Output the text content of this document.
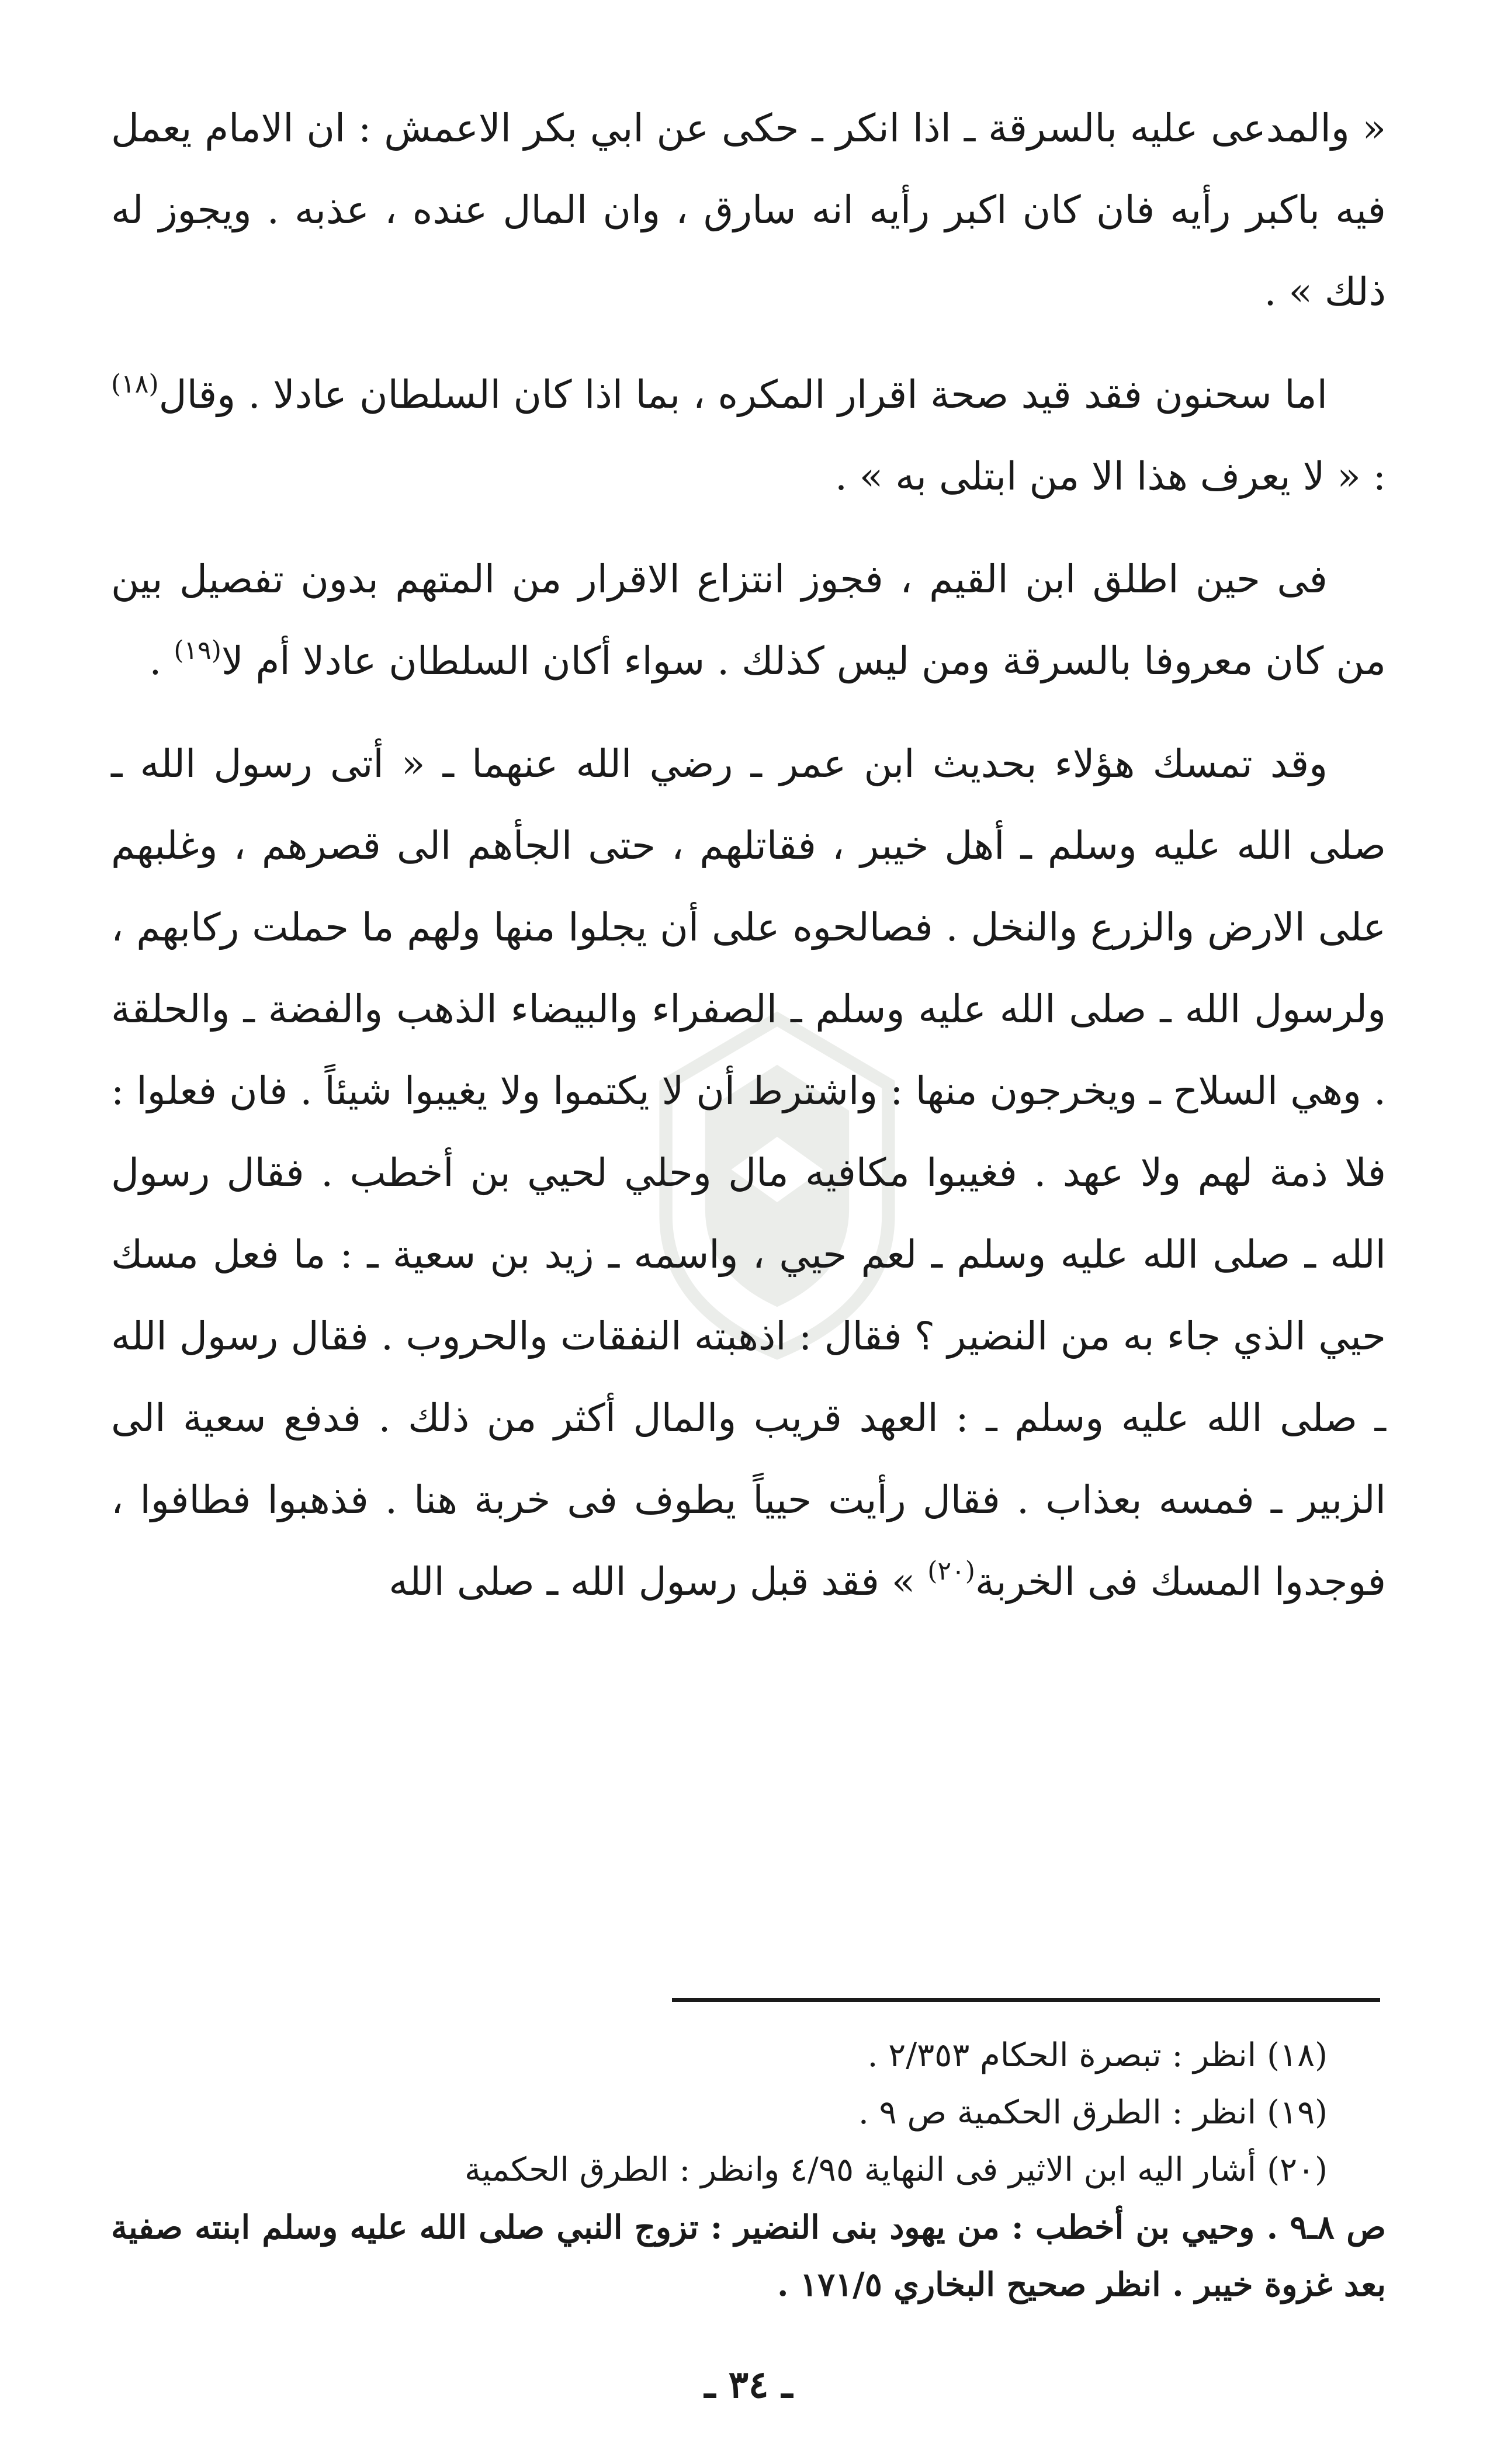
« والمدعى عليه بالسرقة ـ اذا انكر ـ حكى عن ابي بكر الاعمش : ان الامام يعمل فيه باكبر رأيه فان كان اكبر رأيه انه سارق ، وان المال عنده ، عذبه . ويجوز له ذلك » .

اما سحنون فقد قيد صحة اقرار المكره ، بما اذا كان السلطان عادلا . وقال$^{(١٨)}$ : « لا يعرف هذا الا من ابتلى به » .

فى حين اطلق ابن القيم ، فجوز انتزاع الاقرار من المتهم بدون تفصيل بين من كان معروفا بالسرقة ومن ليس كذلك . سواء أكان السلطان عادلا أم لا$^{(١٩)}$ .

وقد تمسك هؤلاء بحديث ابن عمر ـ رضي الله عنهما ـ « أتى رسول الله ـ صلى الله عليه وسلم ـ أهل خيبر ، فقاتلهم ، حتى الجأهم الى قصرهم ، وغلبهم على الارض والزرع والنخل . فصالحوه على أن يجلوا منها ولهم ما حملت ركابهم ، ولرسول الله ـ صلى الله عليه وسلم ـ الصفراء والبيضاء الذهب والفضة ـ والحلقة . وهي السلاح ـ ويخرجون منها : واشترط أن لا يكتموا ولا يغيبوا شيئاً . فان فعلوا : فلا ذمة لهم ولا عهد . فغيبوا مكافيه مال وحلي لحيي بن أخطب . فقال رسول الله ـ صلى الله عليه وسلم ـ لعم حيي ، واسمه ـ زيد بن سعية ـ : ما فعل مسك حيي الذي جاء به من النضير ؟ فقال : اذهبته النفقات والحروب . فقال رسول الله ـ صلى الله عليه وسلم ـ : العهد قريب والمال أكثر من ذلك . فدفع سعية الى الزبير ـ فمسه بعذاب . فقال رأيت حيياً يطوف فى خربة هنا . فذهبوا فطافوا ، فوجدوا المسك فى الخربة$^{(٢٠)}$ » فقد قبل رسول الله ـ صلى الله

(١٨)انظر : تبصرة الحكام ٢/٣٥٣ .

(١٩)انظر : الطرق الحكمية ص ٩ .

(٢٠)أشار اليه ابن الاثير فى النهاية ٤/٩٥ وانظر : الطرق الحكمية

ص ٨ـ٩ . وحيي بن أخطب : من يهود بنى النضير : تزوج النبي صلى الله عليه وسلم ابنته صفية بعد غزوة خيبر . انظر صحيح البخاري ١٧١/٥ .

ـ ٣٤ ـ
